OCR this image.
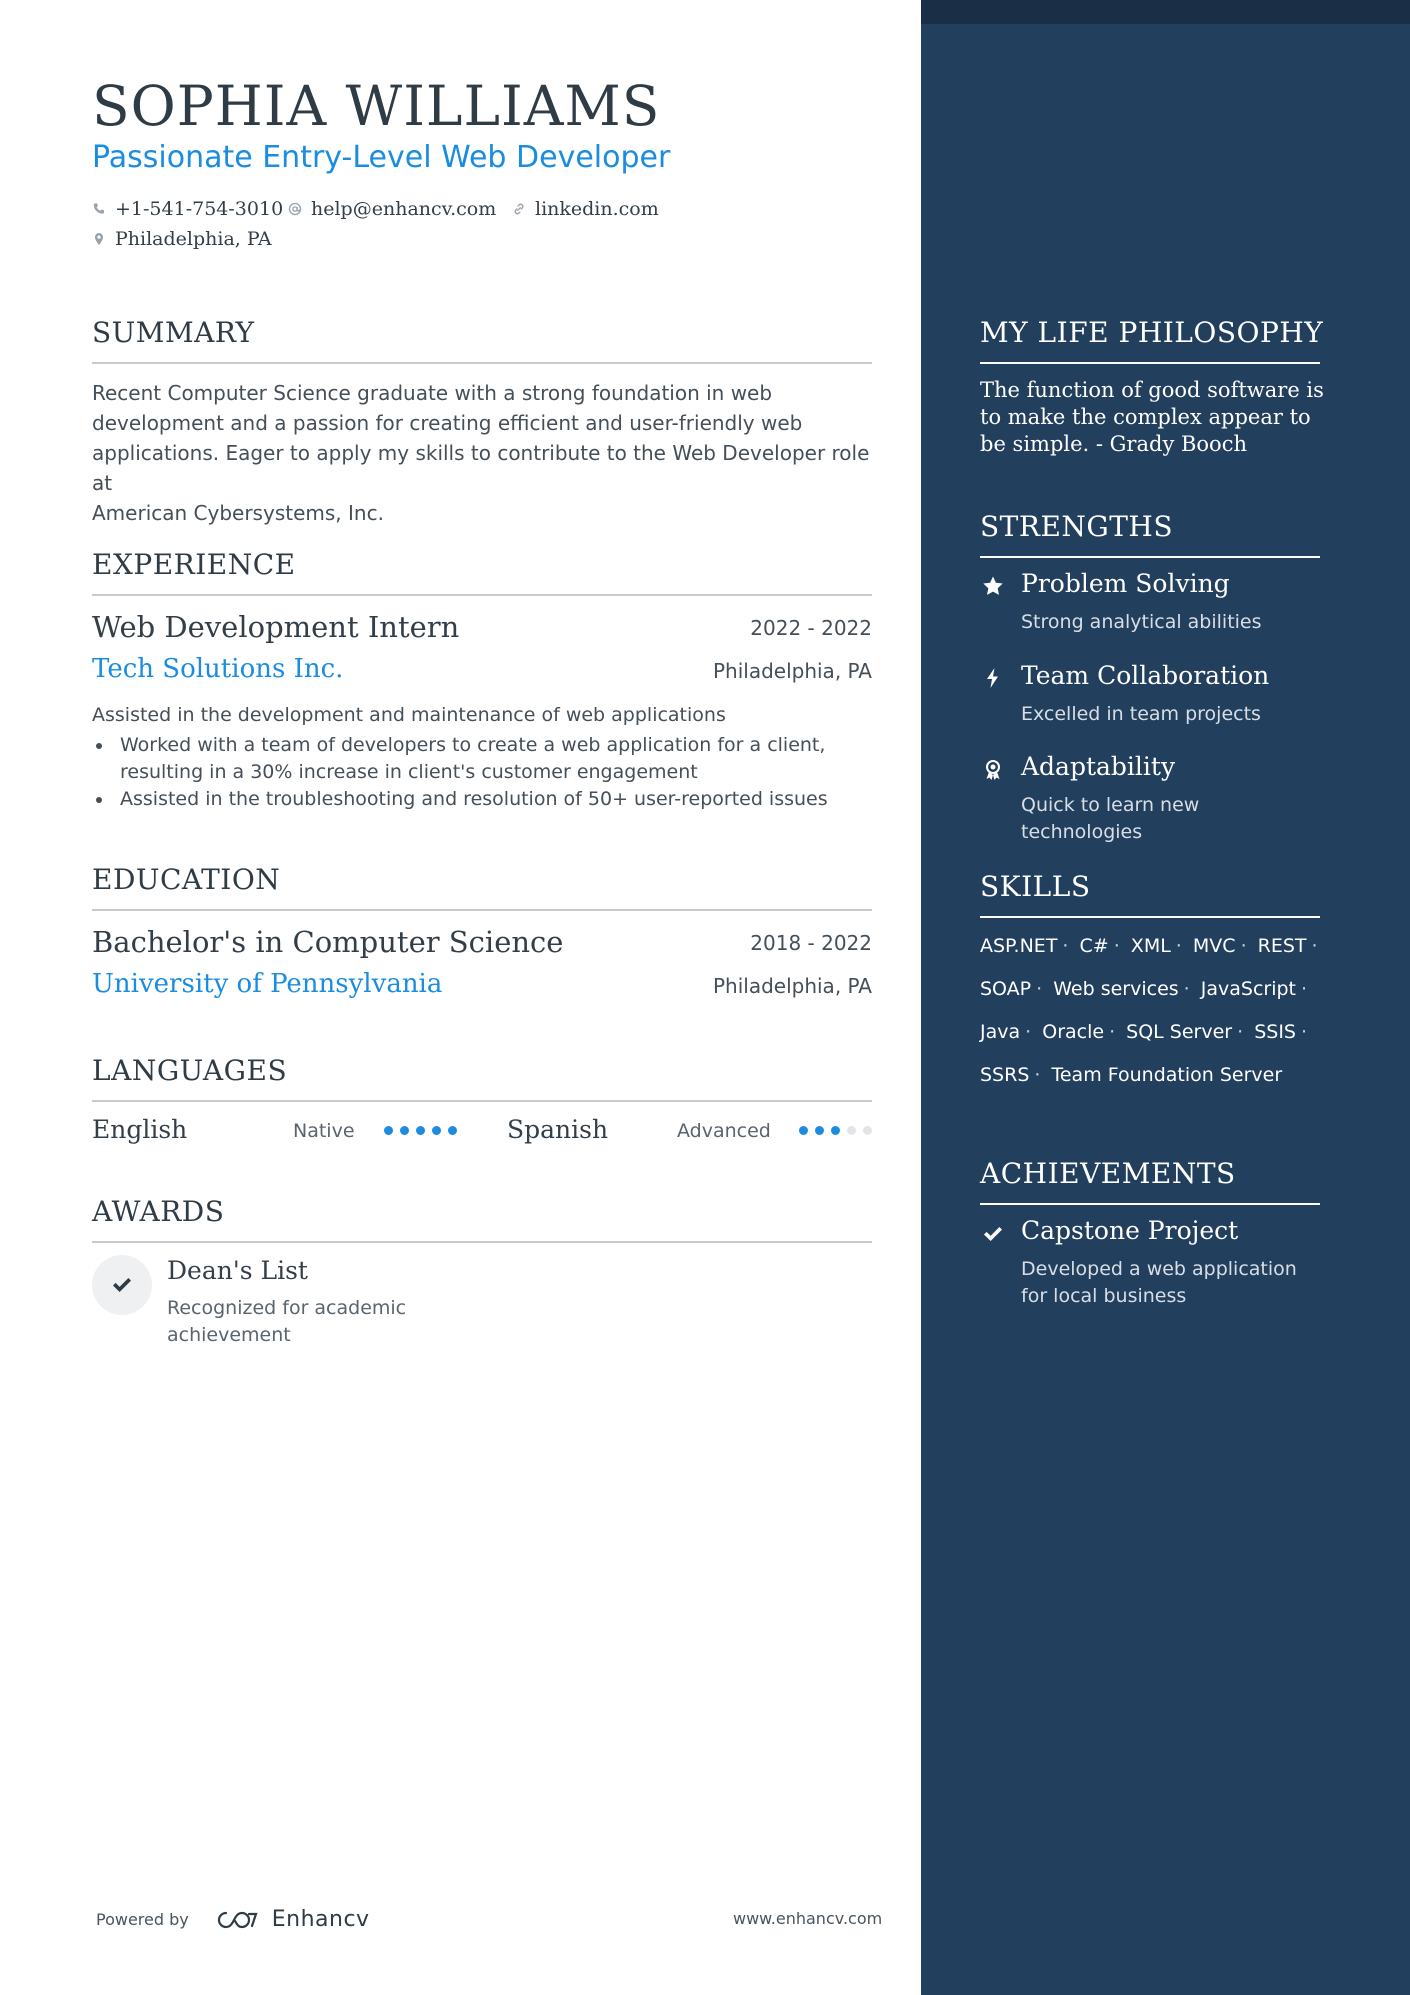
SOPHIA WILLIAMS
Passionate Entry-Level Web Developer
+1-541-754-3010 help@enhancv.com linkedin.com
Philadelphia, PA
SUMMARY
Recent Computer Science graduate with a strong foundation in web
development and a passion for creating efficient and user-friendly web
applications. Eager to apply my skills to contribute to the Web Developer role at
American Cybersystems, Inc.
EXPERIENCE
Web Development Intern	2022 - 2022
Tech Solutions Inc.	Philadelphia, PA
Assisted in the development and maintenance of web applications
Worked with a team of developers to create a web application for a client, resulting in a 30% increase in client's customer engagement
Assisted in the troubleshooting and resolution of 50+ user-reported issues
EDUCATION
Bachelor's in Computer Science	2018 - 2022
University of Pennsylvania	Philadelphia, PA
LANGUAGES
English	Native	Spanish	Advanced
AWARDS
Dean's List
Recognized for academic achievement
Powered by	Enhancv	www.enhancv.com
MY LIFE PHILOSOPHY
The function of good software is to make the complex appear to be simple. - Grady Booch
STRENGTHS
Problem Solving
Strong analytical abilities
Team Collaboration
Excelled in team projects
Adaptability
Quick to learn new technologies
SKILLS
ASP.NET · C# · XML · MVC · REST · SOAP · Web services · JavaScript · Java · Oracle · SQL Server · SSIS · SSRS · Team Foundation Server
ACHIEVEMENTS
Capstone Project
Developed a web application for local business
